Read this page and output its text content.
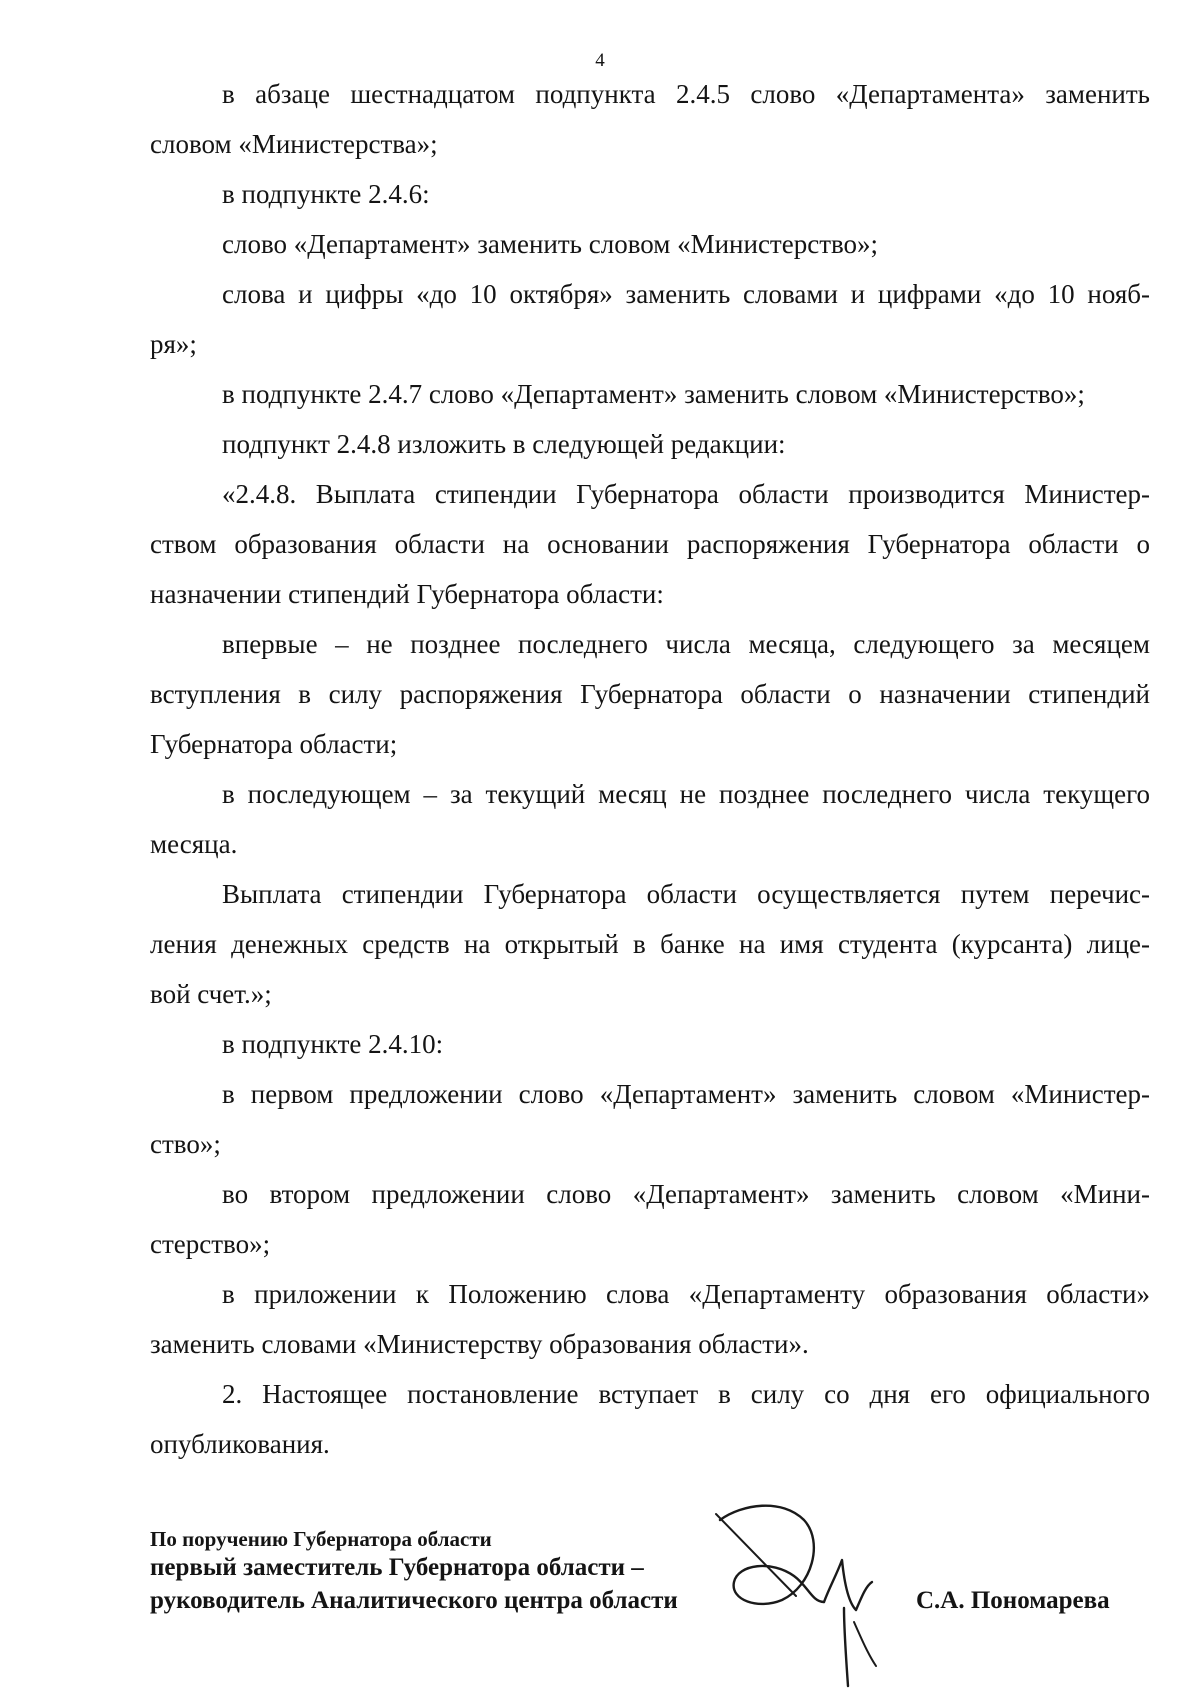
4
в абзаце шестнадцатом подпункта 2.4.5 слово «Департамента» заменить
словом «Министерства»;
в подпункте 2.4.6:
слово «Департамент» заменить словом «Министерство»;
слова и цифры «до 10 октября» заменить словами и цифрами «до 10 нояб-
ря»;
в подпункте 2.4.7 слово «Департамент» заменить словом «Министерство»;
подпункт 2.4.8 изложить в следующей редакции:
«2.4.8. Выплата стипендии Губернатора области производится Министер-
ством образования области на основании распоряжения Губернатора области о
назначении стипендий Губернатора области:
впервые – не позднее последнего числа месяца, следующего за месяцем
вступления в силу распоряжения Губернатора области о назначении стипендий
Губернатора области;
в последующем – за текущий месяц не позднее последнего числа текущего
месяца.
Выплата стипендии Губернатора области осуществляется путем перечис-
ления денежных средств на открытый в банке на имя студента (курсанта) лице-
вой счет.»;
в подпункте 2.4.10:
в первом предложении слово «Департамент» заменить словом «Министер-
ство»;
во втором предложении слово «Департамент» заменить словом «Мини-
стерство»;
в приложении к Положению слова «Департаменту образования области»
заменить словами «Министерству образования области».
2. Настоящее постановление вступает в силу со дня его официального
опубликования.
По поручению Губернатора области
первый заместитель Губернатора области –
руководитель Аналитического центра области	С.А. Пономарева
